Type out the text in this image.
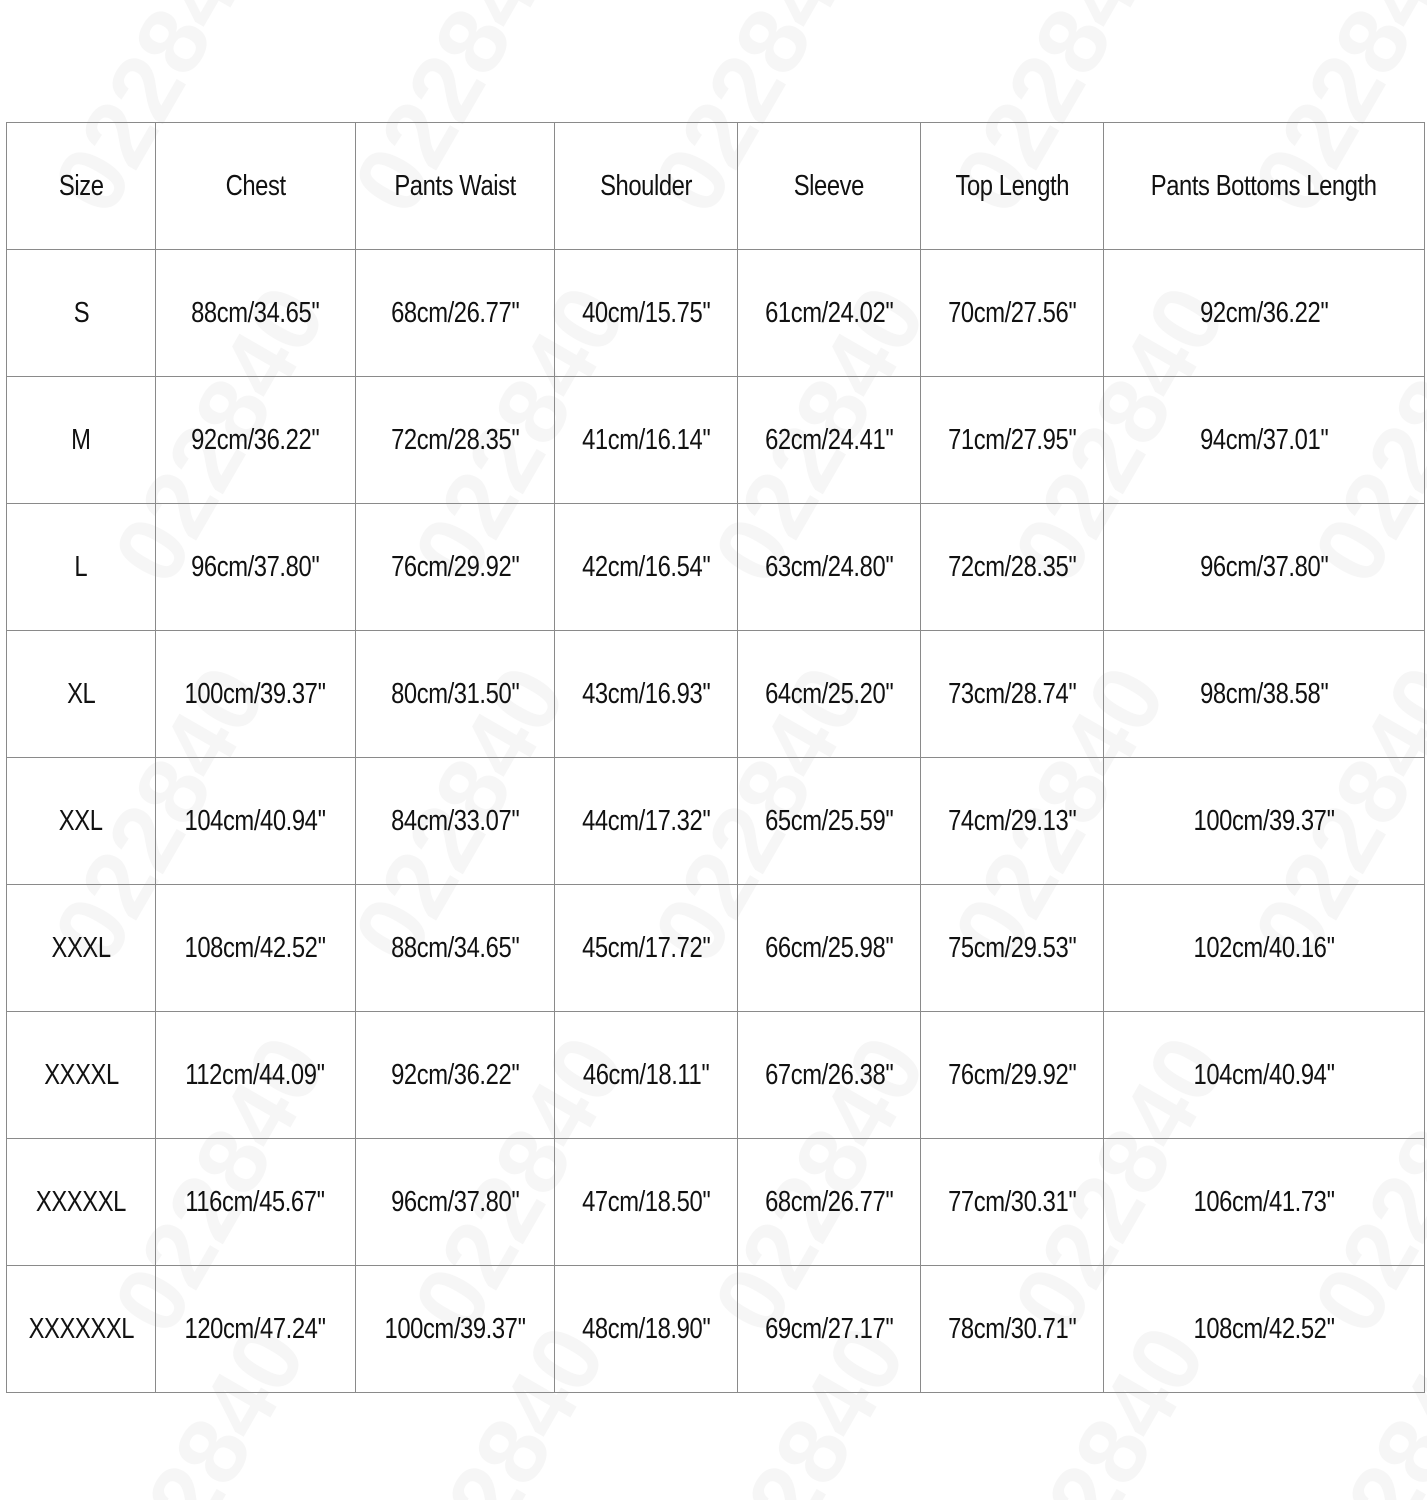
Size	Chest	Pants Waist	Shoulder	Sleeve	Top Length	Pants Bottoms Length
S	88cm/34.65''	68cm/26.77''	40cm/15.75''	61cm/24.02''	70cm/27.56''	92cm/36.22''
M	92cm/36.22''	72cm/28.35''	41cm/16.14''	62cm/24.41''	71cm/27.95''	94cm/37.01''
L	96cm/37.80''	76cm/29.92''	42cm/16.54''	63cm/24.80''	72cm/28.35''	96cm/37.80''
XL	100cm/39.37''	80cm/31.50''	43cm/16.93''	64cm/25.20''	73cm/28.74''	98cm/38.58''
XXL	104cm/40.94''	84cm/33.07''	44cm/17.32''	65cm/25.59''	74cm/29.13''	100cm/39.37''
XXXL	108cm/42.52''	88cm/34.65''	45cm/17.72''	66cm/25.98''	75cm/29.53''	102cm/40.16''
XXXXL	112cm/44.09''	92cm/36.22''	46cm/18.11''	67cm/26.38''	76cm/29.92''	104cm/40.94''
XXXXXL	116cm/45.67''	96cm/37.80''	47cm/18.50''	68cm/26.77''	77cm/30.31''	106cm/41.73''
XXXXXXL	120cm/47.24''	100cm/39.37''	48cm/18.90''	69cm/27.17''	78cm/30.71''	108cm/42.52''
